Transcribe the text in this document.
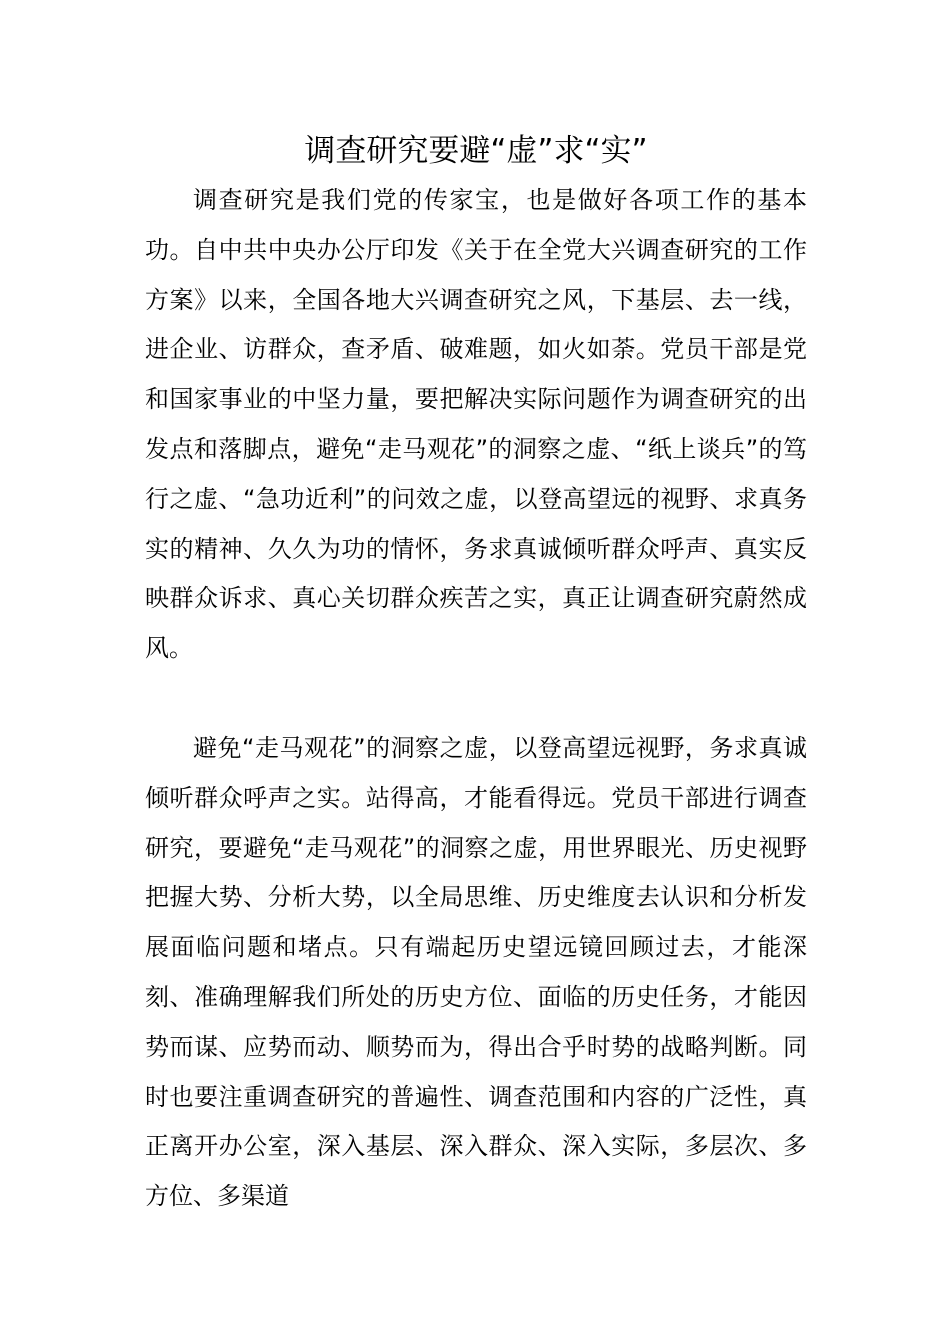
调查研究要避“虚”求“实”

调查研究是我们党的传家宝，也是做好各项工作的基本功。自中共中央办公厅印发《关于在全党大兴调查研究的工作方案》以来，全国各地大兴调查研究之风，下基层、去一线，进企业、访群众，查矛盾、破难题，如火如荼。党员干部是党和国家事业的中坚力量，要把解决实际问题作为调查研究的出发点和落脚点，避免“走马观花”的洞察之虚、“纸上谈兵”的笃行之虚、“急功近利”的问效之虚，以登高望远的视野、求真务实的精神、久久为功的情怀，务求真诚倾听群众呼声、真实反映群众诉求、真心关切群众疾苦之实，真正让调查研究蔚然成风。

避免“走马观花”的洞察之虚，以登高望远视野，务求真诚倾听群众呼声之实。站得高，才能看得远。党员干部进行调查研究，要避免“走马观花”的洞察之虚，用世界眼光、历史视野把握大势、分析大势，以全局思维、历史维度去认识和分析发展面临问题和堵点。只有端起历史望远镜回顾过去，才能深刻、准确理解我们所处的历史方位、面临的历史任务，才能因势而谋、应势而动、顺势而为，得出合乎时势的战略判断。同时也要注重调查研究的普遍性、调查范围和内容的广泛性，真正离开办公室，深入基层、深入群众、深入实际，多层次、多方位、多渠道
